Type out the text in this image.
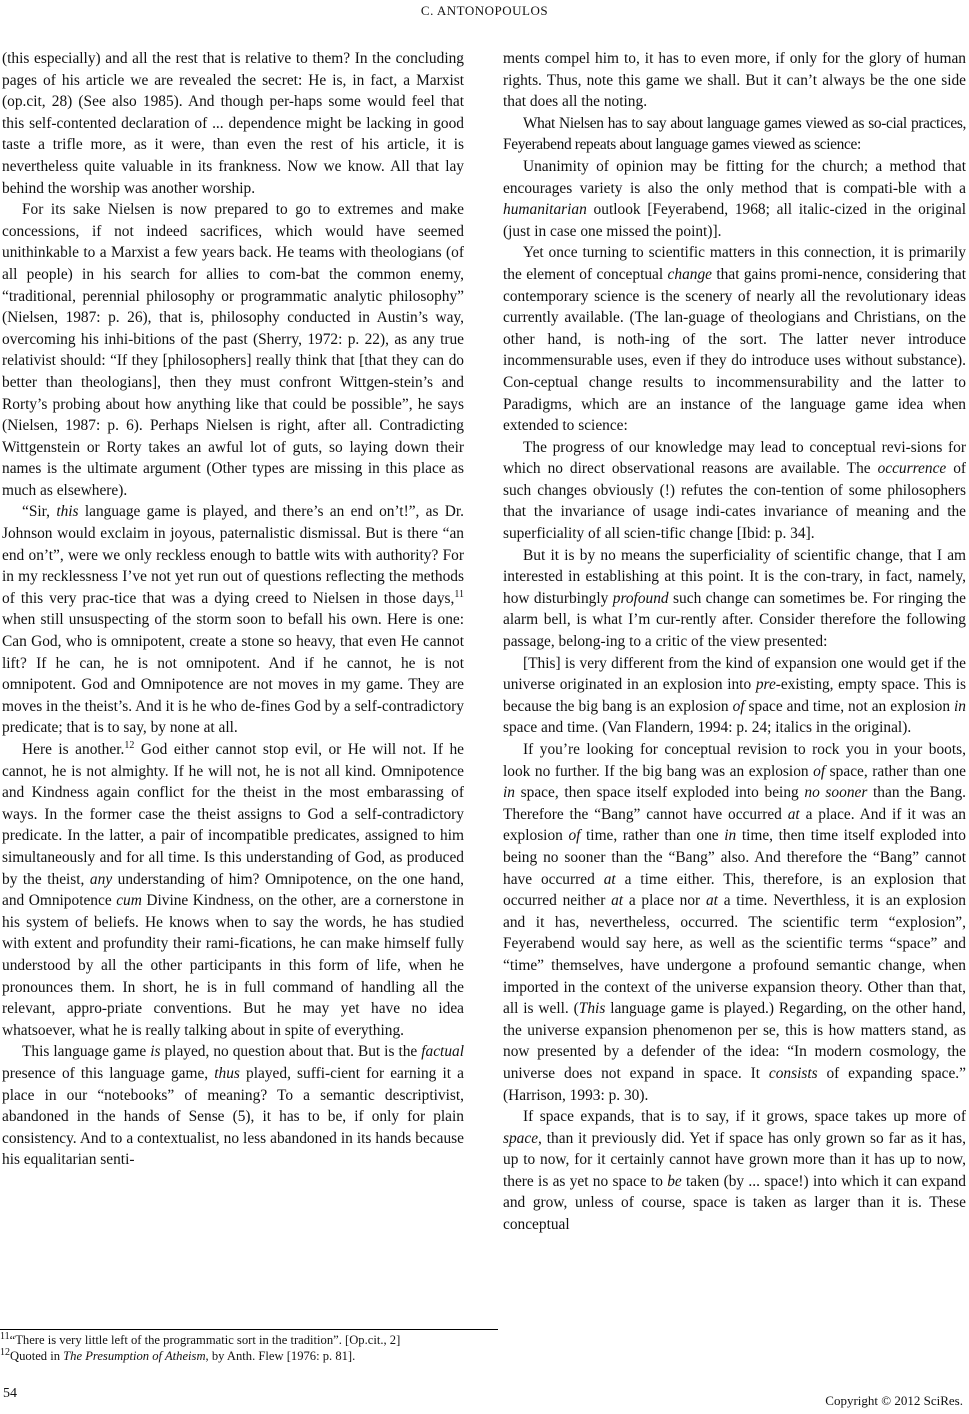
C. ANTONOPOULOS

(this especially) and all the rest that is relative to them? In the concluding pages of his article we are revealed the secret: He is, in fact, a Marxist (op.cit, 28) (See also 1985). And though per-haps some would feel that this self-contented declaration of ... dependence might be lacking in good taste a trifle more, as it were, than even the rest of his article, it is nevertheless quite valuable in its frankness. Now we know. All that lay behind the worship was another worship.

For its sake Nielsen is now prepared to go to extremes and make concessions, if not indeed sacrifices, which would have seemed unithinkable to a Marxist a few years back. He teams with theologians (of all people) in his search for allies to com-bat the common enemy, “traditional, perennial philosophy or programmatic analytic philosophy” (Nielsen, 1987: p. 26), that is, philosophy conducted in Austin’s way, overcoming his inhi-bitions of the past (Sherry, 1972: p. 22), as any true relativist should: “If they [philosophers] really think that [that they can do better than theologians], then they must confront Wittgen-stein’s and Rorty’s probing about how anything like that could be possible”, he says (Nielsen, 1987: p. 6). Perhaps Nielsen is right, after all. Contradicting Wittgenstein or Rorty takes an awful lot of guts, so laying down their names is the ultimate argument (Other types are missing in this place as much as elsewhere).

“Sir, this language game is played, and there’s an end on’t!”, as Dr. Johnson would exclaim in joyous, paternalistic dismissal. But is there “an end on’t”, were we only reckless enough to battle wits with authority? For in my recklessness I’ve not yet run out of questions reflecting the methods of this very prac-tice that was a dying creed to Nielsen in those days,$^{11}$ when still unsuspecting of the storm soon to befall his own. Here is one: Can God, who is omnipotent, create a stone so heavy, that even He cannot lift? If he can, he is not omnipotent. And if he cannot, he is not omnipotent. God and Omnipotence are not moves in my game. They are moves in the theist’s. And it is he who de-fines God by a self-contradictory predicate; that is to say, by none at all.

Here is another.$^{12}$ God either cannot stop evil, or He will not. If he cannot, he is not almighty. If he will not, he is not all kind. Omnipotence and Kindness again conflict for the theist in the most embarassing of ways. In the former case the theist assigns to God a self-contradictory predicate. In the latter, a pair of incompatible predicates, assigned to him simultaneously and for all time. Is this understanding of God, as produced by the theist, any understanding of him? Omnipotence, on the one hand, and Omnipotence cum Divine Kindness, on the other, are a cornerstone in his system of beliefs. He knows when to say the words, he has studied with extent and profundity their rami-fications, he can make himself fully understood by all the other participants in this form of life, when he pronounces them. In short, he is in full command of handling all the relevant, appro-priate conventions. But he may yet have no idea whatsoever, what he is really talking about in spite of everything.

This language game is played, no question about that. But is the factual presence of this language game, thus played, suffi-cient for earning it a place in our “notebooks” of meaning? To a semantic descriptivist, abandoned in the hands of Sense (5), it has to be, if only for plain consistency. And to a contextualist, no less abandoned in its hands because his equalitarian senti-

ments compel him to, it has to even more, if only for the glory of human rights. Thus, note this game we shall. But it can’t always be the one side that does all the noting.

What Nielsen has to say about language games viewed as so-cial practices, Feyerabend repeats about language games viewed as science:

Unanimity of opinion may be fitting for the church; a method that encourages variety is also the only method that is compati-ble with a humanitarian outlook [Feyerabend, 1968; all italic-cized in the original (just in case one missed the point)].

Yet once turning to scientific matters in this connection, it is primarily the element of conceptual change that gains promi-nence, considering that contemporary science is the scenery of nearly all the revolutionary ideas currently available. (The lan-guage of theologians and Christians, on the other hand, is noth-ing of the sort. The latter never introduce incommensurable uses, even if they do introduce uses without substance). Con-ceptual change results to incommensurability and the latter to Paradigms, which are an instance of the language game idea when extended to science:

The progress of our knowledge may lead to conceptual revi-sions for which no direct observational reasons are available. The occurrence of such changes obviously (!) refutes the con-tention of some philosophers that the invariance of usage indi-cates invariance of meaning and the superficiality of all scien-tific change [Ibid: p. 34].

But it is by no means the superficiality of scientific change, that I am interested in establishing at this point. It is the con-trary, in fact, namely, how disturbingly profound such change can sometimes be. For ringing the alarm bell, is what I’m cur-rently after. Consider therefore the following passage, belong-ing to a critic of the view presented:

[This] is very different from the kind of expansion one would get if the universe originated in an explosion into pre-existing, empty space. This is because the big bang is an explosion of space and time, not an explosion in space and time. (Van Flandern, 1994: p. 24; italics in the original).

If you’re looking for conceptual revision to rock you in your boots, look no further. If the big bang was an explosion of space, rather than one in space, then space itself exploded into being no sooner than the Bang. Therefore the “Bang” cannot have occurred at a place. And if it was an explosion of time, rather than one in time, then time itself exploded into being no sooner than the “Bang” also. And therefore the “Bang” cannot have occurred at a time either. This, therefore, is an explosion that occurred neither at a place nor at a time. Neverthless, it is an explosion and it has, nevertheless, occurred. The scientific term “explosion”, Feyerabend would say here, as well as the scientific terms “space” and “time” themselves, have undergone a profound semantic change, when imported in the context of the universe expansion theory. Other than that, all is well. (This language game is played.) Regarding, on the other hand, the universe expansion phenomenon per se, this is how matters stand, as now presented by a defender of the idea: “In modern cosmology, the universe does not expand in space. It consists of expanding space.” (Harrison, 1993: p. 30).

If space expands, that is to say, if it grows, space takes up more of space, than it previously did. Yet if space has only grown so far as it has, up to now, for it certainly cannot have grown more than it has up to now, there is as yet no space to be taken (by ... space!) into which it can expand and grow, unless of course, space is taken as larger than it is. These conceptual

$^{11}$“There is very little left of the programmatic sort in the tradition”. [Op.cit., 2]

$^{12}$Quoted in The Presumption of Atheism, by Anth. Flew [1976: p. 81].

54	Copyright © 2012 SciRes.
